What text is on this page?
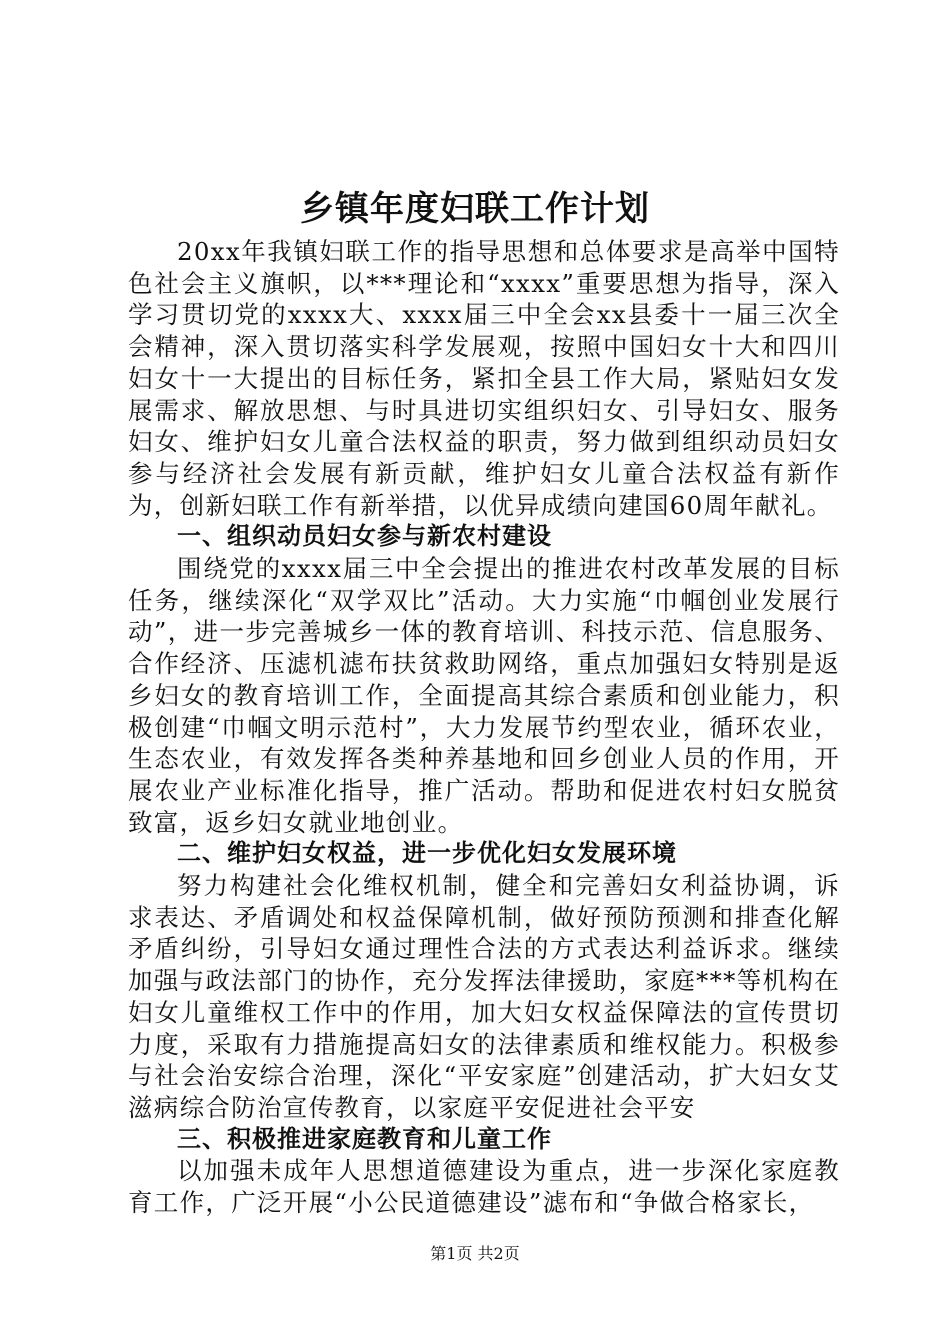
乡镇年度妇联工作计划

20xx年我镇妇联工作的指导思想和总体要求是高举中国特色社会主义旗帜，以***理论和“xxxx”重要思想为指导，深入学习贯切党的xxxx大、xxxx届三中全会xx县委十一届三次全会精神，深入贯切落实科学发展观，按照中国妇女十大和四川妇女十一大提出的目标任务，紧扣全县工作大局，紧贴妇女发展需求、解放思想、与时具进切实组织妇女、引导妇女、服务妇女、维护妇女儿童合法权益的职责，努力做到组织动员妇女参与经济社会发展有新贡献，维护妇女儿童合法权益有新作为，创新妇联工作有新举措，以优异成绩向建国60周年献礼。

一、组织动员妇女参与新农村建设

围绕党的xxxx届三中全会提出的推进农村改革发展的目标任务，继续深化“双学双比”活动。大力实施“巾帼创业发展行动”，进一步完善城乡一体的教育培训、科技示范、信息服务、合作经济、压滤机滤布扶贫救助网络，重点加强妇女特别是返乡妇女的教育培训工作，全面提高其综合素质和创业能力，积极创建“巾帼文明示范村”，大力发展节约型农业，循环农业，生态农业，有效发挥各类种养基地和回乡创业人员的作用，开展农业产业标准化指导，推广活动。帮助和促进农村妇女脱贫致富，返乡妇女就业地创业。

二、维护妇女权益，进一步优化妇女发展环境

努力构建社会化维权机制，健全和完善妇女利益协调，诉求表达、矛盾调处和权益保障机制，做好预防预测和排查化解矛盾纠纷，引导妇女通过理性合法的方式表达利益诉求。继续加强与政法部门的协作，充分发挥法律援助，家庭***等机构在妇女儿童维权工作中的作用，加大妇女权益保障法的宣传贯切力度，采取有力措施提高妇女的法律素质和维权能力。积极参与社会治安综合治理，深化“平安家庭”创建活动，扩大妇女艾滋病综合防治宣传教育，以家庭平安促进社会平安

三、积极推进家庭教育和儿童工作

以加强未成年人思想道德建设为重点，进一步深化家庭教育工作，广泛开展“小公民道德建设”滤布和“争做合格家长，

第1页 共2页
